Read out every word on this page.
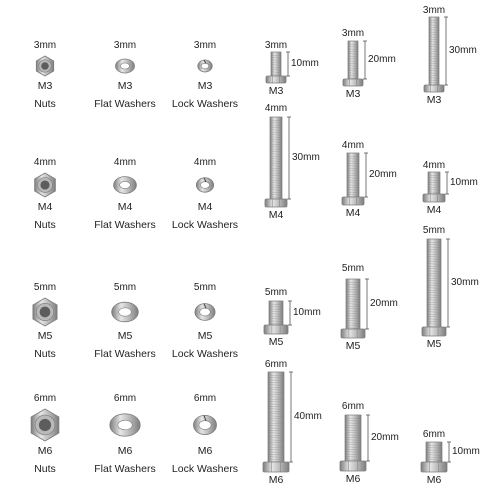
3mm
M3
Nuts
3mm
M3
Flat Washers
3mm
M3
Lock Washers
4mm
M4
Nuts
4mm
M4
Flat Washers
4mm
M4
Lock Washers
5mm
M5
Nuts
5mm
M5
Flat Washers
5mm
M5
Lock Washers
6mm
M6
Nuts
6mm
M6
Flat Washers
6mm
M6
Lock Washers
3mm
10mm
M3
3mm
20mm
M3
3mm
30mm
M3
4mm
30mm
M4
4mm
20mm
M4
4mm
10mm
M4
5mm
10mm
M5
5mm
20mm
M5
5mm
30mm
M5
6mm
40mm
M6
6mm
20mm
M6
6mm
10mm
M6
